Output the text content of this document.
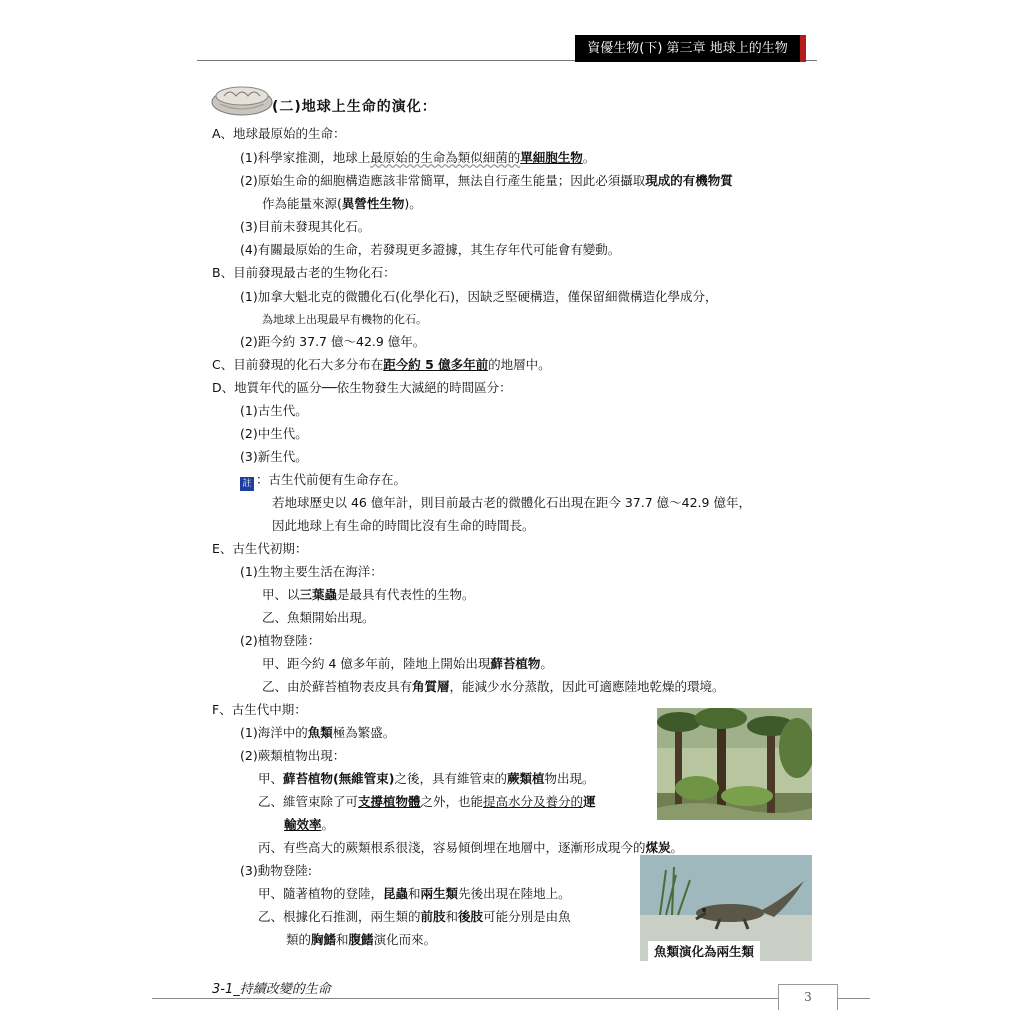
資優生物(下) 第三章 地球上的生物
(二)地球上生命的演化：
A、地球最原始的生命：
(1)科學家推測，地球上最原始的生命為類似細菌的單細胞生物。
(2)原始生命的細胞構造應該非常簡單，無法自行產生能量；因此必須攝取現成的有機物質
作為能量來源(異營性生物)。
(3)目前未發現其化石。
(4)有關最原始的生命，若發現更多證據，其生存年代可能會有變動。
B、目前發現最古老的生物化石：
(1)加拿大魁北克的微體化石(化學化石)，因缺乏堅硬構造，僅保留細微構造化學成分，
為地球上出現最早有機物的化石。
(2)距今約 37.7 億～42.9 億年。
C、目前發現的化石大多分布在距今約 5 億多年前的地層中。
D、地質年代的區分──依生物發生大滅絕的時間區分：
(1)古生代。
(2)中生代。
(3)新生代。
註 ：古生代前便有生命存在。
若地球歷史以 46 億年計，則目前最古老的微體化石出現在距今 37.7 億～42.9 億年，
因此地球上有生命的時間比沒有生命的時間長。
E、古生代初期：
(1)生物主要生活在海洋：
甲、以三葉蟲是最具有代表性的生物。
乙、魚類開始出現。
(2)植物登陸：
甲、距今約 4 億多年前，陸地上開始出現蘚苔植物。
乙、由於蘚苔植物表皮具有角質層，能減少水分蒸散，因此可適應陸地乾燥的環境。
F、古生代中期：
(1)海洋中的魚類極為繁盛。
(2)蕨類植物出現：
甲、蘚苔植物(無維管束)之後，具有維管束的蕨類植物出現。
乙、維管束除了可支撐植物體之外，也能提高水分及養分的運
輸效率。
丙、有些高大的蕨類根系很淺，容易傾倒埋在地層中，逐漸形成現今的煤炭。
(3)動物登陸:
甲、隨著植物的登陸，昆蟲和兩生類先後出現在陸地上。
乙、根據化石推測，兩生類的前肢和後肢可能分別是由魚
類的胸鰭和腹鰭演化而來。
魚類演化為兩生類
3-1_持續改變的生命	3
